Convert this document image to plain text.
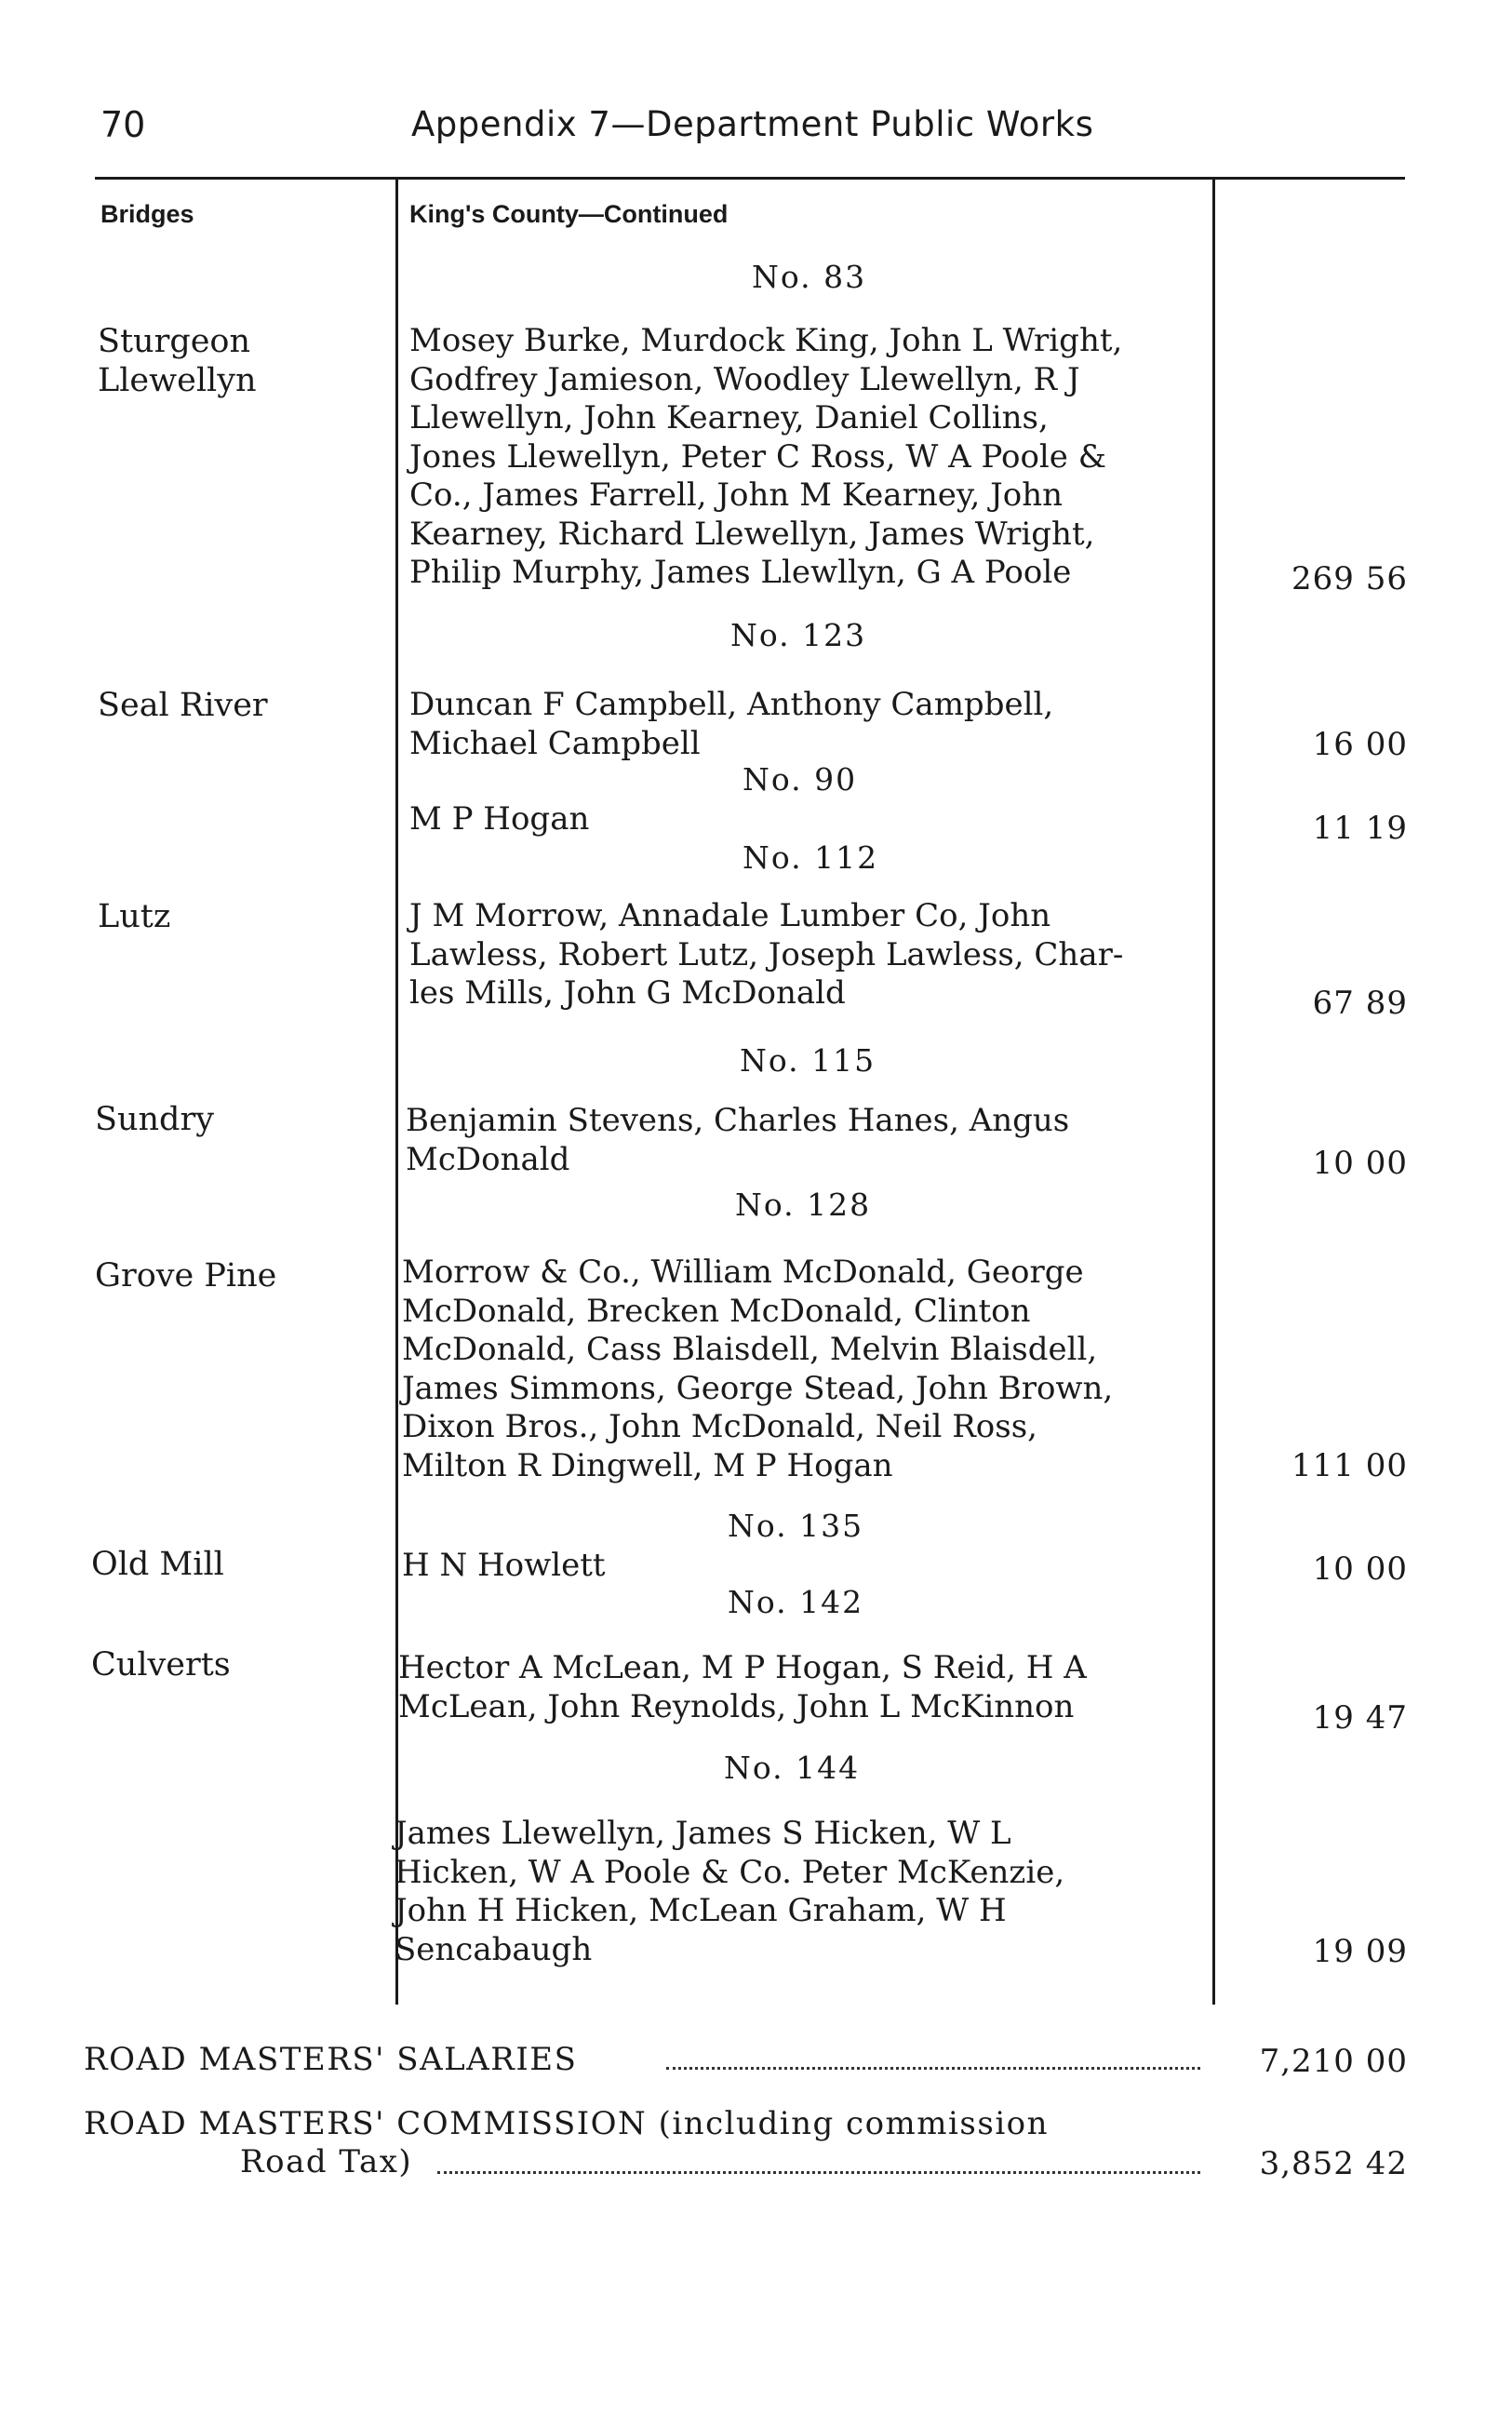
70	Appendix 7—Department Public Works
Bridges	King's County—Continued
No. 83
Sturgeon
Llewellyn
Mosey Burke, Murdock King, John L Wright,
Godfrey Jamieson, Woodley Llewellyn, R J
Llewellyn, John Kearney, Daniel Collins,
Jones Llewellyn, Peter C Ross, W A Poole &
Co., James Farrell, John M Kearney, John
Kearney, Richard Llewellyn, James Wright,
Philip Murphy, James Llewllyn, G A Poole	269 56
No. 123
Seal River	Duncan F Campbell, Anthony Campbell,
Michael Campbell	16 00
No. 90
M P Hogan	11 19
No. 112
Lutz	J M Morrow, Annadale Lumber Co, John
Lawless, Robert Lutz, Joseph Lawless, Char-
les Mills, John G McDonald	67 89
No. 115
Sundry	Benjamin Stevens, Charles Hanes, Angus
McDonald	10 00
No. 128
Grove Pine	Morrow & Co., William McDonald, George
McDonald, Brecken McDonald, Clinton
McDonald, Cass Blaisdell, Melvin Blaisdell,
James Simmons, George Stead, John Brown,
Dixon Bros., John McDonald, Neil Ross,
Milton R Dingwell, M P Hogan	111 00
No. 135
Old Mill	H N Howlett	10 00
No. 142
Culverts	Hector A McLean, M P Hogan, S Reid, H A
McLean, John Reynolds, John L McKinnon	19 47
No. 144
James Llewellyn, James S Hicken, W L
Hicken, W A Poole & Co. Peter McKenzie,
John H Hicken, McLean Graham, W H
Sencabaugh	19 09
ROAD MASTERS' SALARIES	7,210 00
ROAD MASTERS' COMMISSION (including commission
Road Tax)	3,852 42
